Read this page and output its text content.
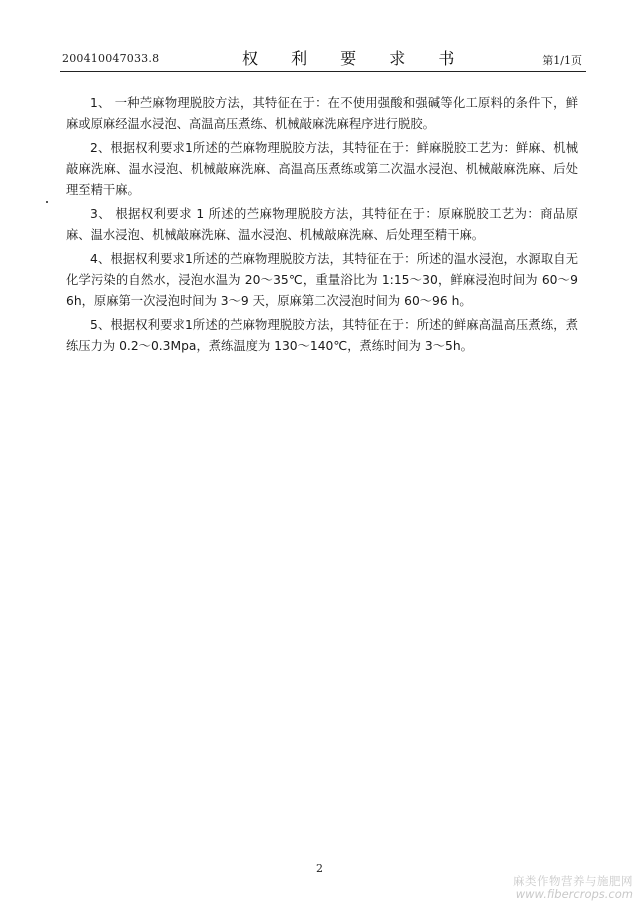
200410047033.8	权 利 要 求 书	第1/1页

1、 一种苎麻物理脱胶方法，其特征在于：在不使用强酸和强碱等化工原料的条件下，鲜麻或原麻经温水浸泡、高温高压煮练、机械敲麻洗麻程序进行脱胶。

2、根据权利要求1所述的苎麻物理脱胶方法，其特征在于：鲜麻脱胶工艺为：鲜麻、机械敲麻洗麻、温水浸泡、机械敲麻洗麻、高温高压煮练或第二次温水浸泡、机械敲麻洗麻、后处理至精干麻。

3、 根据权利要求 1 所述的苎麻物理脱胶方法，其特征在于：原麻脱胶工艺为：商品原麻、温水浸泡、机械敲麻洗麻、温水浸泡、机械敲麻洗麻、后处理至精干麻。

4、根据权利要求1所述的苎麻物理脱胶方法，其特征在于：所述的温水浸泡，水源取自无化学污染的自然水，浸泡水温为 20～35℃，重量浴比为 1:15～30，鲜麻浸泡时间为 60～96h，原麻第一次浸泡时间为 3～9 天，原麻第二次浸泡时间为 60～96 h。

5、根据权利要求1所述的苎麻物理脱胶方法，其特征在于：所述的鲜麻高温高压煮练，煮练压力为 0.2～0.3Mpa，煮练温度为 130～140℃，煮练时间为 3～5h。

2
麻类作物营养与施肥网
www.fibercrops.com
